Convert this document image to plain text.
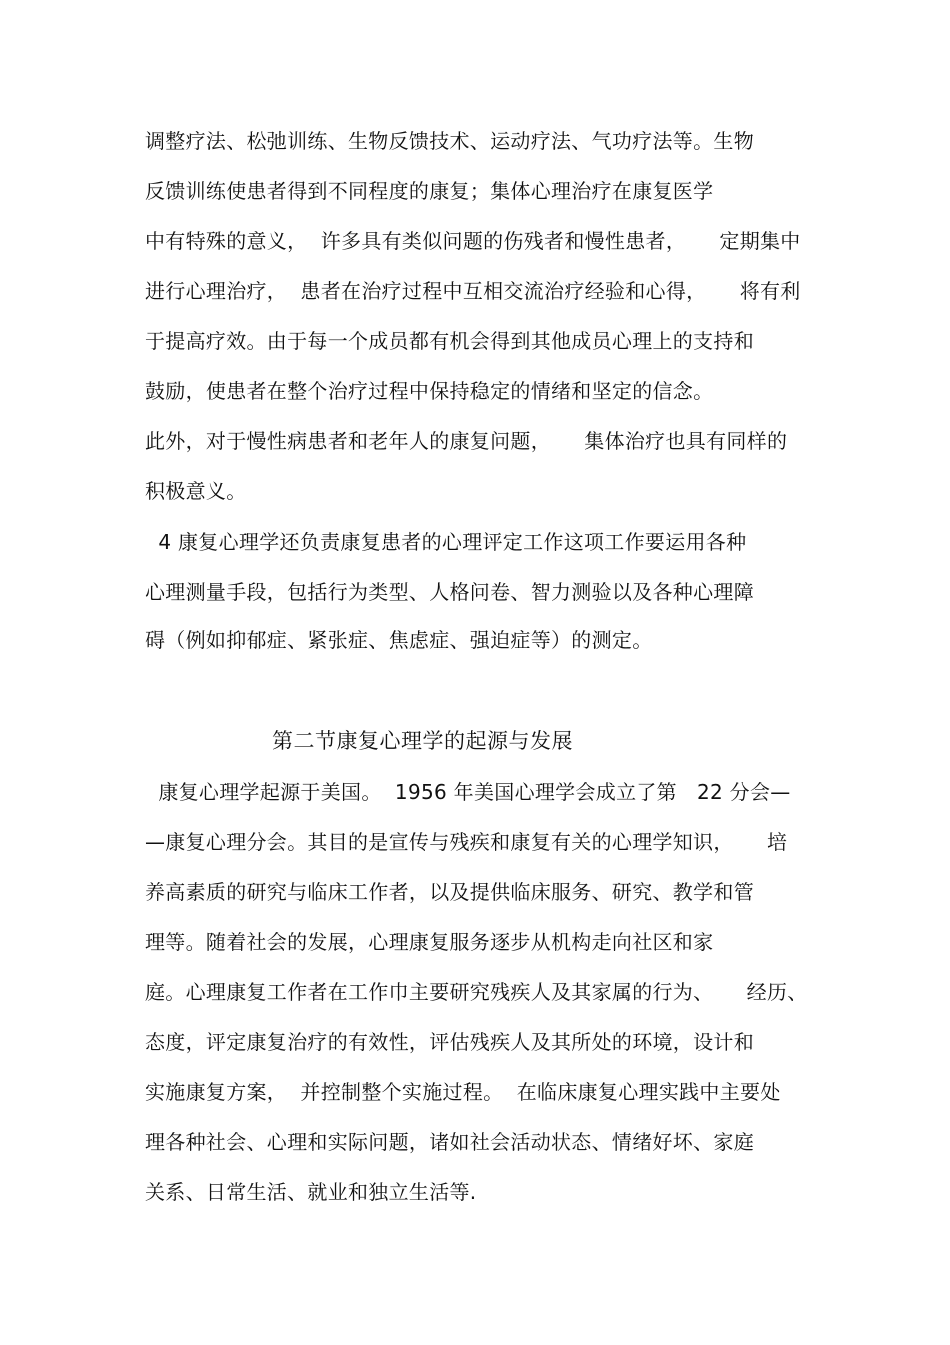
调整疗法、松弛训练、生物反馈技术、运动疗法、气功疗法等。生物
反馈训练使患者得到不同程度的康复；集体心理治疗在康复医学
中有特殊的意义，  许多具有类似问题的伤残者和慢性患者，     定期集中
进行心理治疗，  患者在治疗过程中互相交流治疗经验和心得，     将有利
于提高疗效。由于每一个成员都有机会得到其他成员心理上的支持和
鼓励，使患者在整个治疗过程中保持稳定的情绪和坚定的信念。
此外，对于慢性病患者和老年人的康复问题，     集体治疗也具有同样的
积极意义。
4 康复心理学还负责康复患者的心理评定工作这项工作要运用各种
心理测量手段，包括行为类型、人格问卷、智力测验以及各种心理障
碍（例如抑郁症、紧张症、焦虑症、强迫症等）的测定。
第二节康复心理学的起源与发展
康复心理学起源于美国。  1956 年美国心理学会成立了第   22 分会—
—康复心理分会。其目的是宣传与残疾和康复有关的心理学知识，     培
养高素质的研究与临床工作者，以及提供临床服务、研究、教学和管
理等。随着社会的发展，心理康复服务逐步从机构走向社区和家
庭。心理康复工作者在工作巾主要研究残疾人及其家属的行为、     经历、
态度，评定康复治疗的有效性，评估残疾人及其所处的环境，设计和
实施康复方案，  并控制整个实施过程。  在临床康复心理实践中主要处
理各种社会、心理和实际问题，诸如社会活动状态、情绪好坏、家庭
关系、日常生活、就业和独立生活等.
